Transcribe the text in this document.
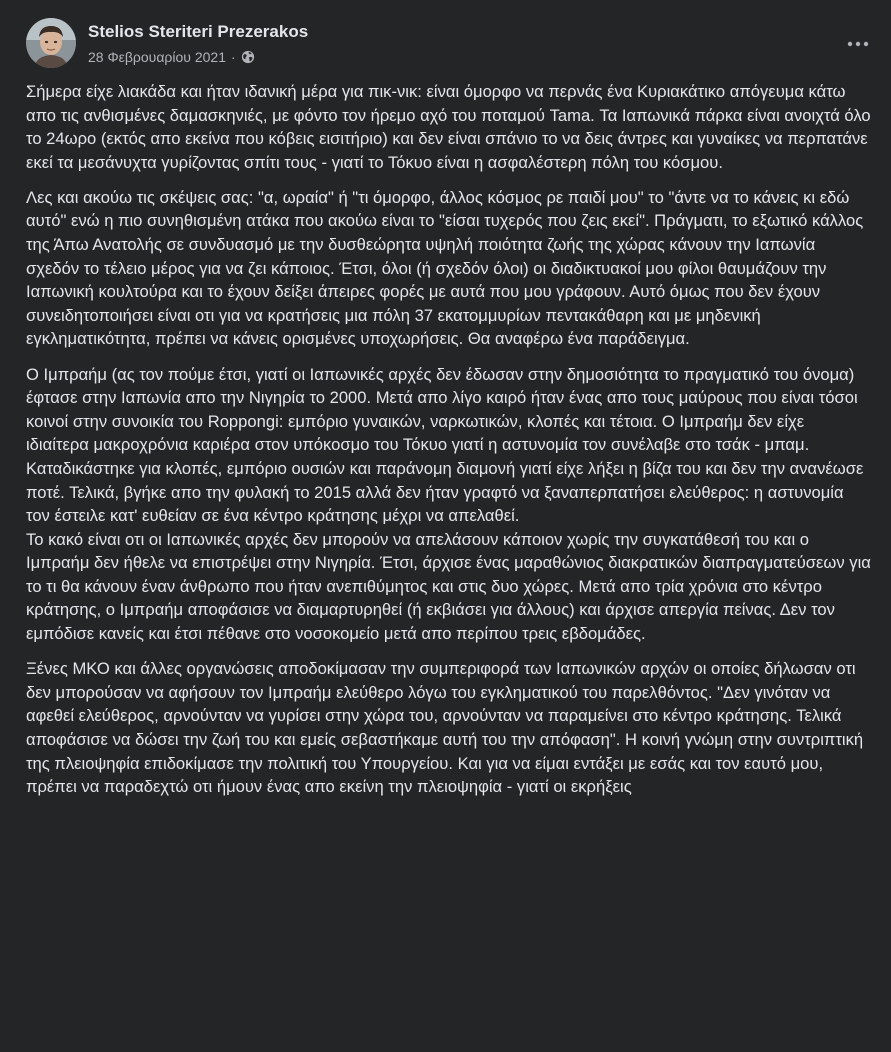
Stelios Steriteri Prezerakos
28 Φεβρουαρίου 2021 ·

Σήμερα είχε λιακάδα και ήταν ιδανική μέρα για πικ-νικ: είναι όμορφο να περνάς ένα Κυριακάτικο απόγευμα κάτω απο τις ανθισμένες δαμασκηνιές, με φόντο τον ήρεμο αχό του ποταμού Tama. Τα Ιαπωνικά πάρκα είναι ανοιχτά όλο το 24ωρο (εκτός απο εκείνα που κόβεις εισιτήριο) και δεν είναι σπάνιο το να δεις άντρες και γυναίκες να περπατάνε εκεί τα μεσάνυχτα γυρίζοντας σπίτι τους - γιατί το Τόκυο είναι η ασφαλέστερη πόλη του κόσμου.

Λες και ακούω τις σκέψεις σας: "α, ωραία" ή "τι όμορφο, άλλος κόσμος ρε παιδί μου" το "άντε να το κάνεις κι εδώ αυτό" ενώ η πιο συνηθισμένη ατάκα που ακούω είναι το "είσαι τυχερός που ζεις εκεί". Πράγματι, το εξωτικό κάλλος της Άπω Ανατολής σε συνδυασμό με την δυσθεώρητα υψηλή ποιότητα ζωής της χώρας κάνουν την Ιαπωνία σχεδόν το τέλειο μέρος για να ζει κάποιος. Έτσι, όλοι (ή σχεδόν όλοι) οι διαδικτυακοί μου φίλοι θαυμάζουν την Ιαπωνική κουλτούρα και το έχουν δείξει άπειρες φορές με αυτά που μου γράφουν. Αυτό όμως που δεν έχουν συνειδητοποιήσει είναι οτι για να κρατήσεις μια πόλη 37 εκατομμυρίων πεντακάθαρη και με μηδενική εγκληματικότητα, πρέπει να κάνεις ορισμένες υποχωρήσεις. Θα αναφέρω ένα παράδειγμα.

Ο Ιμπραήμ (ας τον πούμε έτσι, γιατί οι Ιαπωνικές αρχές δεν έδωσαν στην δημοσιότητα το πραγματικό του όνομα) έφτασε στην Ιαπωνία απο την Νιγηρία το 2000. Μετά απο λίγο καιρό ήταν ένας απο τους μαύρους που είναι τόσοι κοινοί στην συνοικία του Roppongi: εμπόριο γυναικών, ναρκωτικών, κλοπές και τέτοια. Ο Ιμπραήμ δεν είχε ιδιαίτερα μακροχρόνια καριέρα στον υπόκοσμο του Τόκυο γιατί η αστυνομία τον συνέλαβε στο τσάκ - μπαμ. Καταδικάστηκε για κλοπές, εμπόριο ουσιών και παράνομη διαμονή γιατί είχε λήξει η βίζα του και δεν την ανανέωσε ποτέ. Τελικά, βγήκε απο την φυλακή το 2015 αλλά δεν ήταν γραφτό να ξαναπερπατήσει ελεύθερος: η αστυνομία τον έστειλε κατ' ευθείαν σε ένα κέντρο κράτησης μέχρι να απελαθεί.

Το κακό είναι οτι οι Ιαπωνικές αρχές δεν μπορούν να απελάσουν κάποιον χωρίς την συγκατάθεσή του και ο Ιμπραήμ δεν ήθελε να επιστρέψει στην Νιγηρία. Έτσι, άρχισε ένας μαραθώνιος διακρατικών διαπραγματεύσεων για το τι θα κάνουν έναν άνθρωπο που ήταν ανεπιθύμητος και στις δυο χώρες. Μετά απο τρία χρόνια στο κέντρο κράτησης, ο Ιμπραήμ αποφάσισε να διαμαρτυρηθεί (ή εκβιάσει για άλλους) και άρχισε απεργία πείνας. Δεν τον εμπόδισε κανείς και έτσι πέθανε στο νοσοκομείο μετά απο περίπου τρεις εβδομάδες.

Ξένες ΜΚΟ και άλλες οργανώσεις αποδοκίμασαν την συμπεριφορά των Ιαπωνικών αρχών οι οποίες δήλωσαν οτι δεν μπορούσαν να αφήσουν τον Ιμπραήμ ελεύθερο λόγω του εγκληματικού του παρελθόντος. "Δεν γινόταν να αφεθεί ελεύθερος, αρνούνταν να γυρίσει στην χώρα του, αρνούνταν να παραμείνει στο κέντρο κράτησης. Τελικά αποφάσισε να δώσει την ζωή του και εμείς σεβαστήκαμε αυτή του την απόφαση". Η κοινή γνώμη στην συντριπτική της πλειοψηφία επιδοκίμασε την πολιτική του Υπουργείου. Και για να είμαι εντάξει με εσάς και τον εαυτό μου, πρέπει να παραδεχτώ οτι ήμουν ένας απο εκείνη την πλειοψηφία - γιατί οι εκρήξεις
